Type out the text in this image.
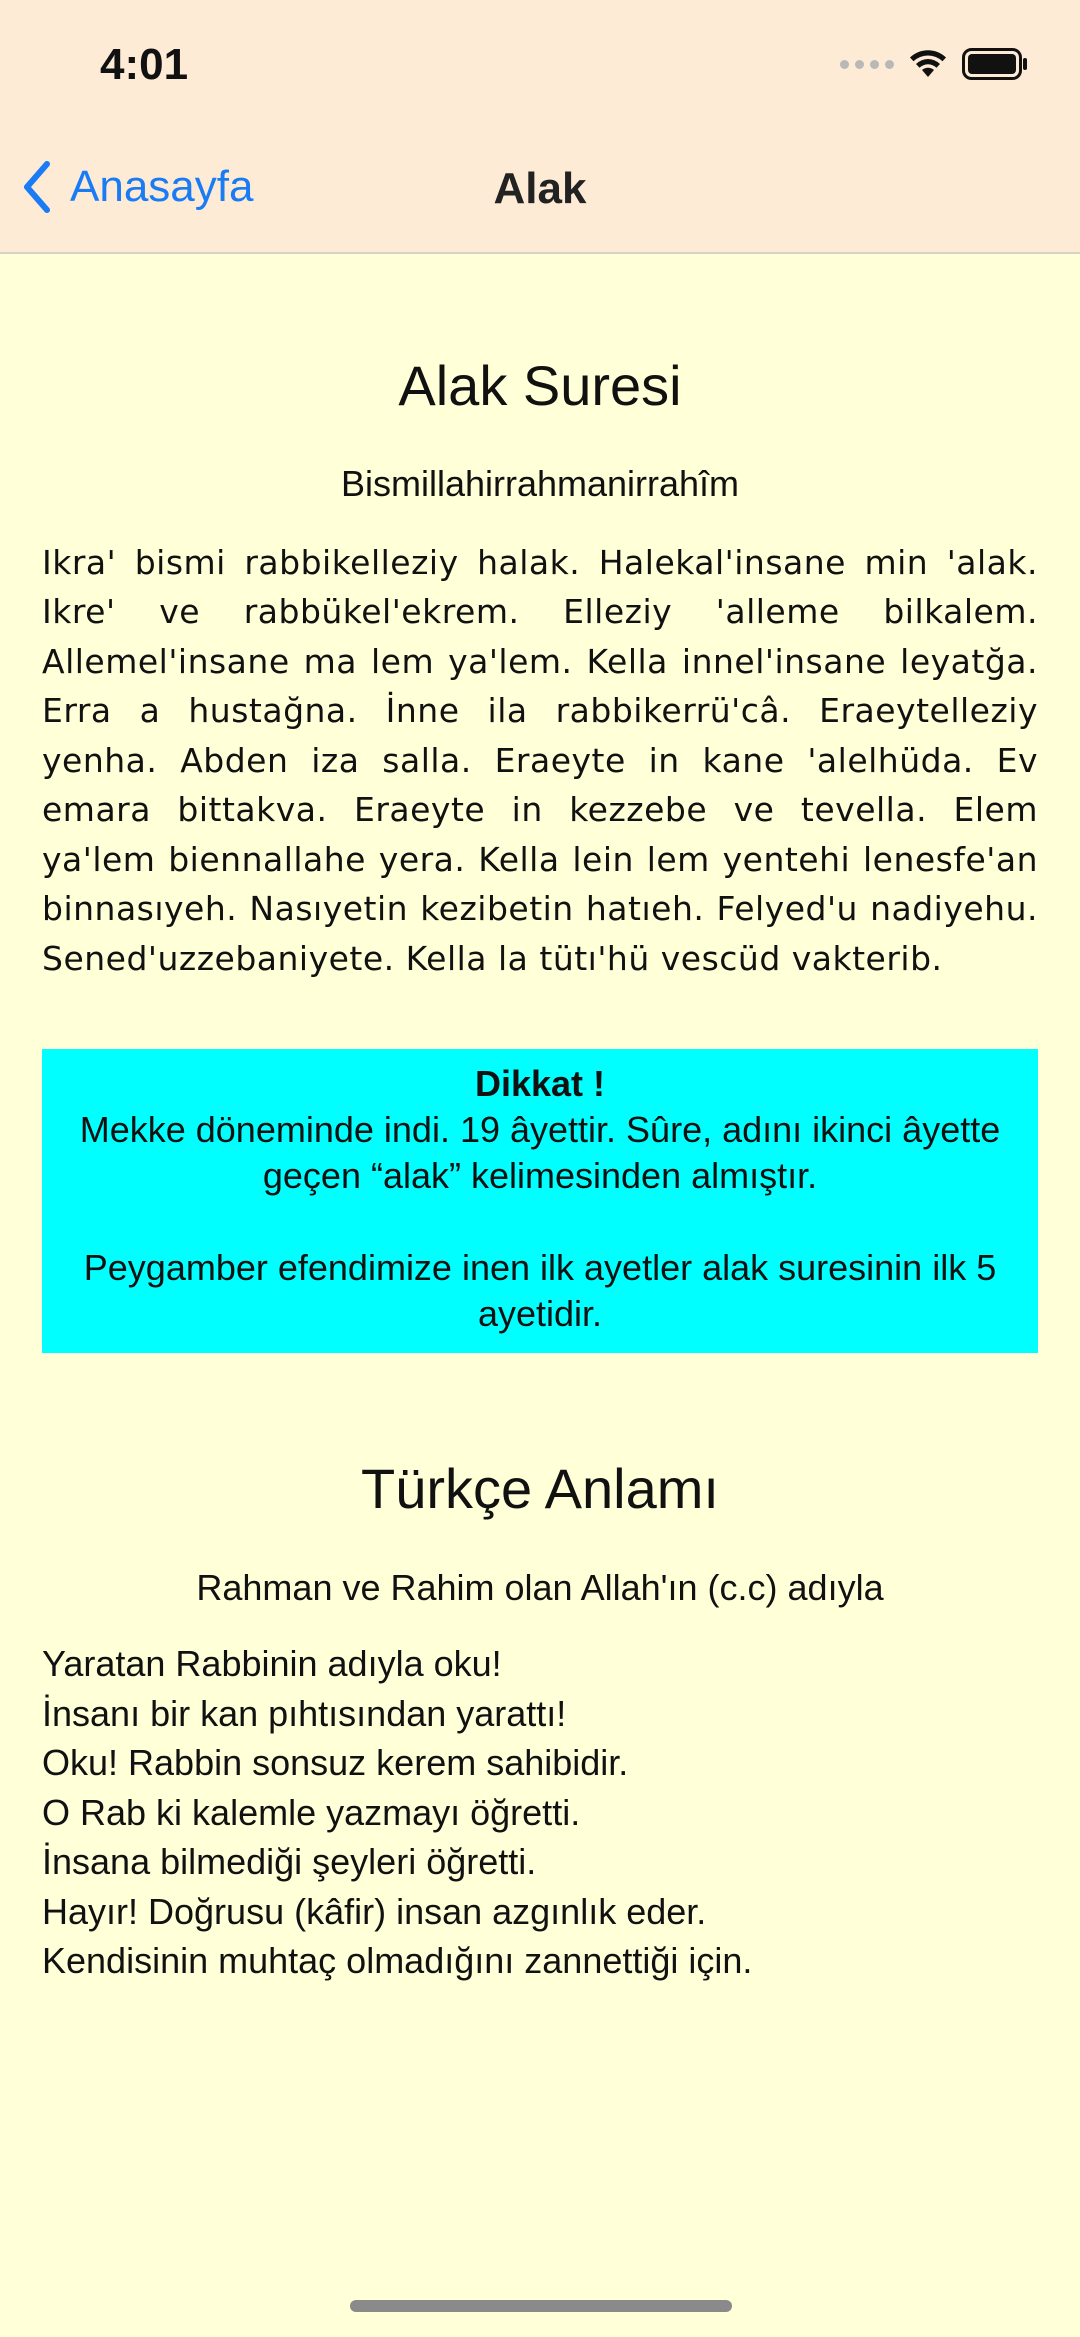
4:01
Anasayfa	Alak
Alak Suresi
Bismillahirrahmanirrahîm
Ikra' bismi rabbikelleziy halak. Halekal'insane min 'alak. Ikre' ve rabbükel'ekrem. Elleziy 'alleme bilkalem. Allemel'insane ma lem ya'lem. Kella innel'insane leyatğa. Erra a hustağna. İnne ila rabbikerrü'câ. Eraeytelleziy yenha. Abden iza salla. Eraeyte in kane 'alelhüda. Ev emara bittakva. Eraeyte in kezzebe ve tevella. Elem ya'lem biennallahe yera. Kella lein lem yentehi lenesfe'an binnasıyeh. Nasıyetin kezibetin hatıeh. Felyed'u nadiyehu. Sened'uzzebaniyete. Kella la tütı'hü vescüd vakterib.

Dikkat !

Mekke döneminde indi. 19 âyettir. Sûre, adını ikinci âyette geçen “alak” kelimesinden almıştır.

Peygamber efendimize inen ilk ayetler alak suresinin ilk 5 ayetidir.

Türkçe Anlamı
Rahman ve Rahim olan Allah'ın (c.c) adıyla
Yaratan Rabbinin adıyla oku!
İnsanı bir kan pıhtısından yarattı!
Oku! Rabbin sonsuz kerem sahibidir.
O Rab ki kalemle yazmayı öğretti.
İnsana bilmediği şeyleri öğretti.
Hayır! Doğrusu (kâfir) insan azgınlık eder.
Kendisinin muhtaç olmadığını zannettiği için.
